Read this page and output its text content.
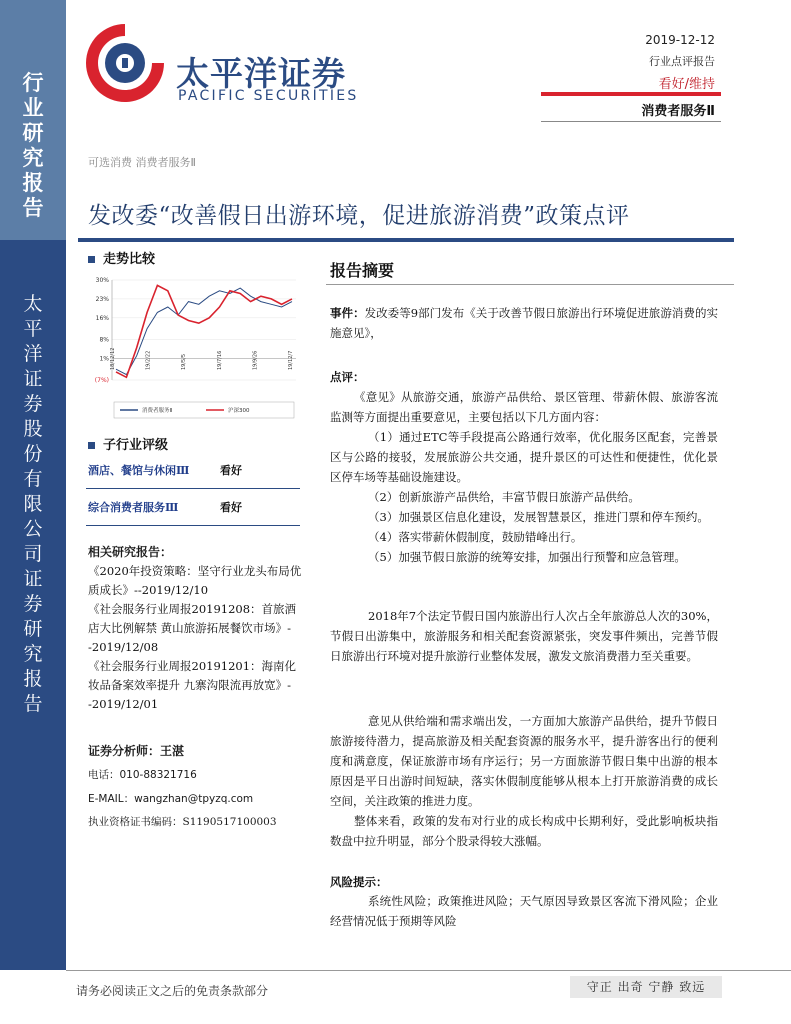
行
业
研
究
报
告
太
平
洋
证
券
股
份
有
限
公
司
证
券
研
究
报
告
太平洋证券
PACIFIC SECURITIES
2019-12-12
行业点评报告
看好/维持
消费者服务Ⅱ
可选消费 消费者服务Ⅱ
发改委“改善假日出游环境，促进旅游消费”政策点评
走势比较
30%
23%
16%
8%
1%
(7%)
18/12/12	19/2/22	19/5/5	19/7/16	19/9/26	19/12/7
消费者服务Ⅱ	沪深300
子行业评级
酒店、餐馆与休闲Ⅲ	看好
综合消费者服务Ⅲ	看好
相关研究报告：
《2020年投资策略：坚守行业龙头布局优质成长》--2019/12/10
《社会服务行业周报20191208：首旅酒店大比例解禁 黄山旅游拓展餐饮市场》--2019/12/08
《社会服务行业周报20191201：海南化妆品备案效率提升 九寨沟限流再放宽》--2019/12/01
证券分析师：王湛
电话：010-88321716
E-MAIL：wangzhan@tpyzq.com
执业资格证书编码：S1190517100003
报告摘要
事件：发改委等9部门发布《关于改善节假日旅游出行环境促进旅游消费的实施意见》，
点评：
《意见》从旅游交通，旅游产品供给、景区管理、带薪休假、旅游客流监测等方面提出重要意见，主要包括以下几方面内容：
（1）通过ETC等手段提高公路通行效率，优化服务区配套，完善景区与公路的接驳，发展旅游公共交通，提升景区的可达性和便捷性，优化景区停车场等基础设施建设。
（2）创新旅游产品供给，丰富节假日旅游产品供给。
（3）加强景区信息化建设，发展智慧景区，推进门票和停车预约。
（4）落实带薪休假制度，鼓励错峰出行。
（5）加强节假日旅游的统筹安排，加强出行预警和应急管理。
2018年7个法定节假日国内旅游出行人次占全年旅游总人次的30%，节假日出游集中，旅游服务和相关配套资源紧张，突发事件频出，完善节假日旅游出行环境对提升旅游行业整体发展，激发文旅消费潜力至关重要。
意见从供给端和需求端出发，一方面加大旅游产品供给，提升节假日旅游接待潜力，提高旅游及相关配套资源的服务水平，提升游客出行的便利度和满意度，保证旅游市场有序运行；另一方面旅游节假日集中出游的根本原因是平日出游时间短缺，落实休假制度能够从根本上打开旅游消费的成长空间，关注政策的推进力度。
整体来看，政策的发布对行业的成长构成中长期利好，受此影响板块指数盘中拉升明显，部分个股录得较大涨幅。
风险提示：
系统性风险；政策推进风险；天气原因导致景区客流下滑风险；企业经营情况低于预期等风险
请务必阅读正文之后的免责条款部分	守正 出奇 宁静 致远
